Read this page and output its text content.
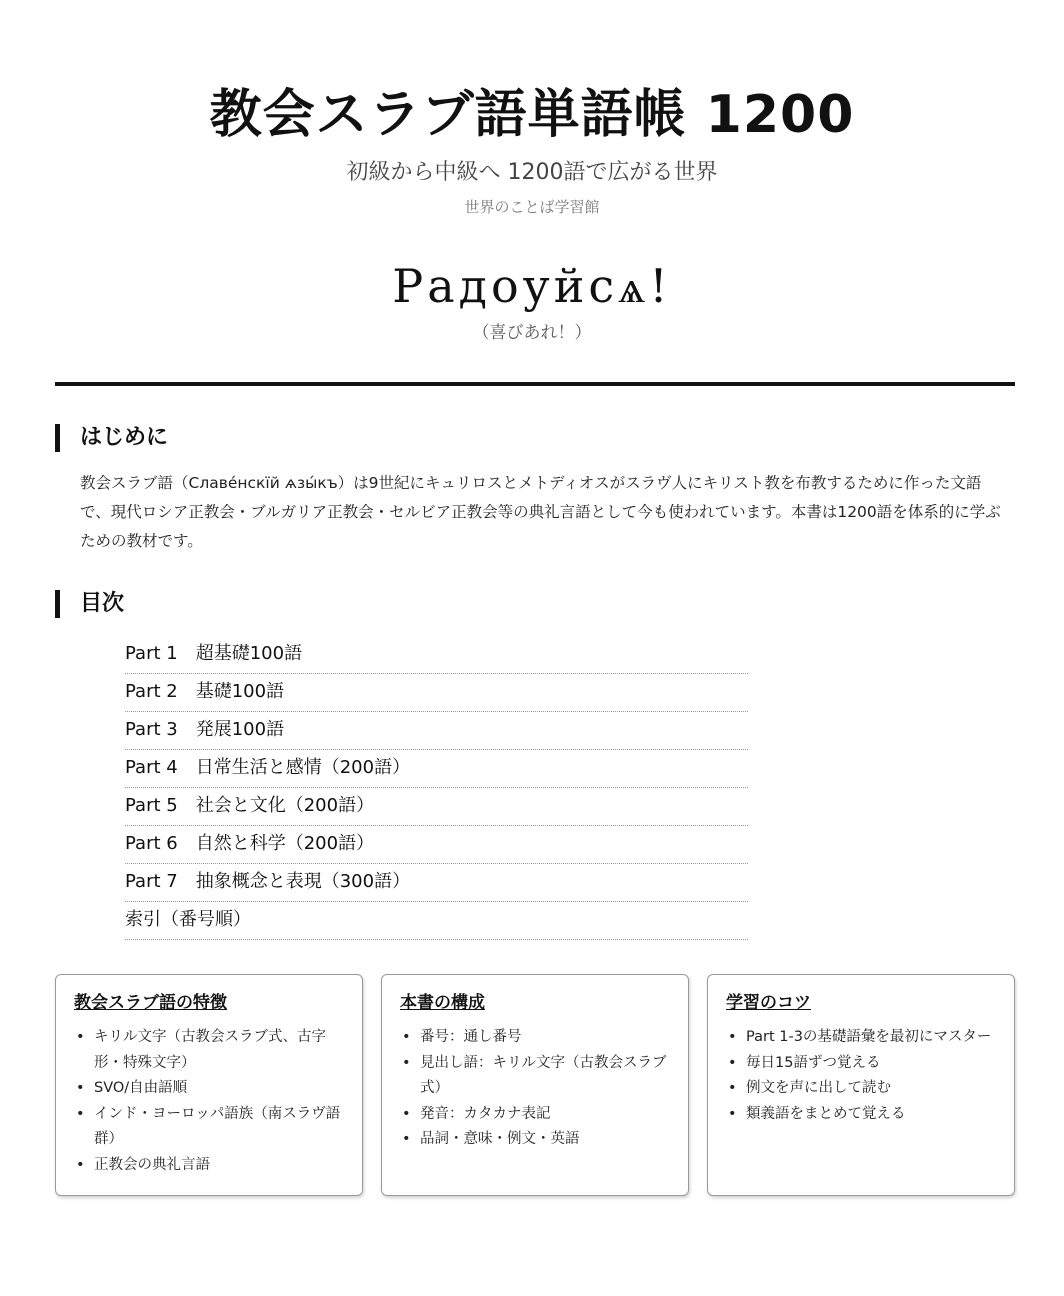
教会スラブ語単語帳 1200
初級から中級へ 1200語で広がる世界
世界のことば学習館
Радоуйсѧ!
（喜びあれ！）
はじめに

教会スラブ語（Славе́нскїй ѧзы́къ）は9世紀にキュリロスとメトディオスがスラヴ人にキリスト教を布教するために作った文語で、現代ロシア正教会・ブルガリア正教会・セルビア正教会等の典礼言語として今も使われています。本書は1200語を体系的に学ぶための教材です。

目次
Part 1　超基礎100語
Part 2　基礎100語
Part 3　発展100語
Part 4　日常生活と感情（200語）
Part 5　社会と文化（200語）
Part 6　自然と科学（200語）
Part 7　抽象概念と表現（300語）
索引（番号順）
教会スラブ語の特徴
• キリル文字（古教会スラブ式、古字形・特殊文字）
• SVO/自由語順
• インド・ヨーロッパ語族（南スラヴ語群）
• 正教会の典礼言語
本書の構成
• 番号：通し番号
• 見出し語：キリル文字（古教会スラブ式）
• 発音：カタカナ表記
• 品詞・意味・例文・英語
学習のコツ
• Part 1-3の基礎語彙を最初にマスター
• 毎日15語ずつ覚える
• 例文を声に出して読む
• 類義語をまとめて覚える
